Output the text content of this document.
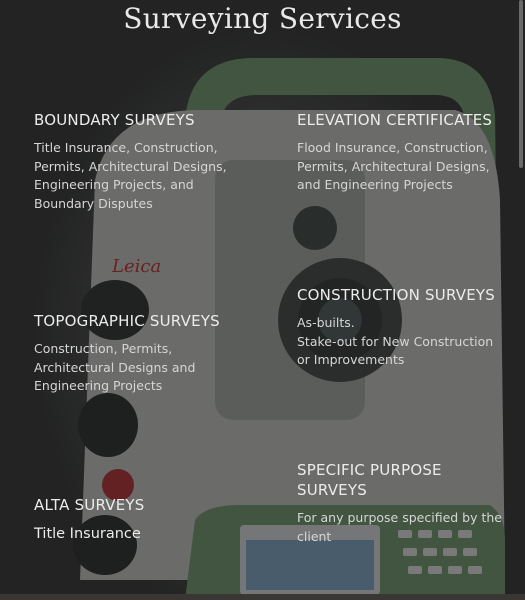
Surveying Services
BOUNDARY SURVEYS

Title Insurance, Construction, Permits, Architectural Designs, Engineering Projects, and Boundary Disputes

ELEVATION CERTIFICATES

Flood Insurance, Construction, Permits, Architectural Designs, and Engineering Projects

TOPOGRAPHIC SURVEYS

Construction, Permits, Architectural Designs and Engineering Projects

CONSTRUCTION SURVEYS

As-builts.
Stake-out for New Construction or Improvements

ALTA SURVEYS

Title Insurance

SPECIFIC PURPOSE SURVEYS

For any purpose specified by the client
